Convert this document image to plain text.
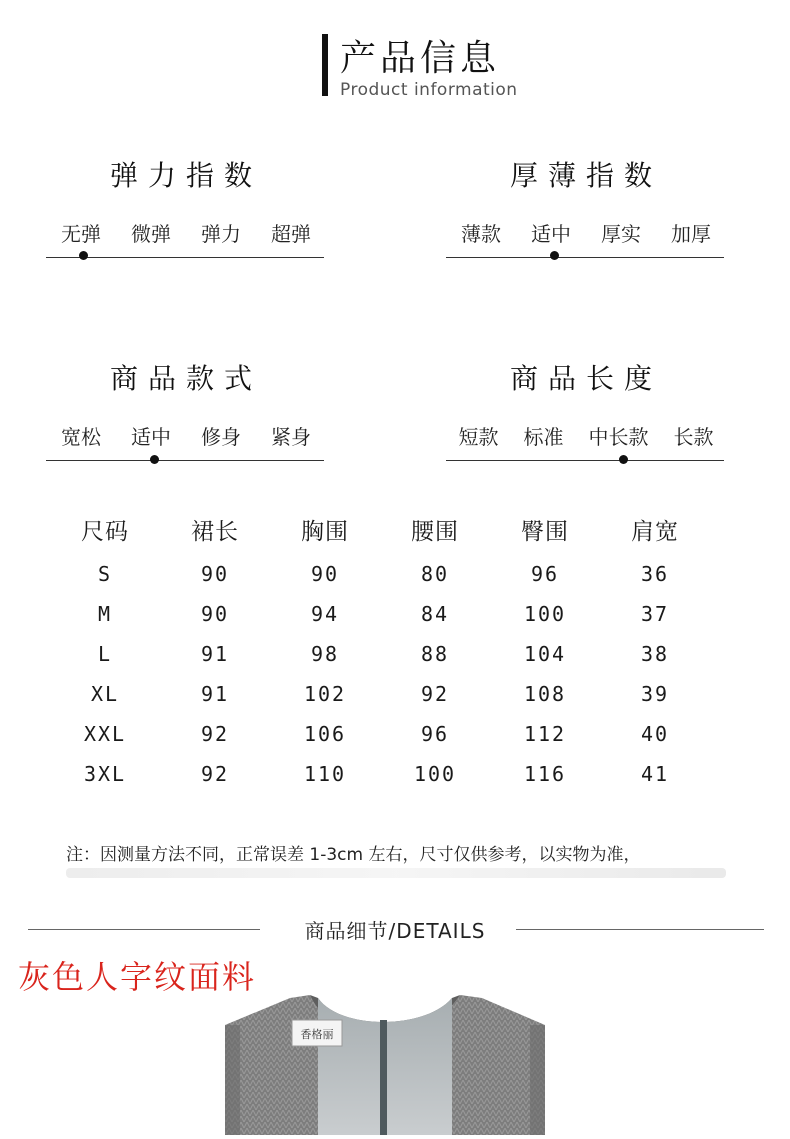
产品信息
Product information
弹力指数
无弹 微弹 弹力 超弹
厚薄指数
薄款 适中 厚实 加厚
商品款式
宽松 适中 修身 紧身
商品长度
短款 标准 中长款 长款
尺码	裙长	胸围	腰围	臀围	肩宽
S	90	90	80	96	36
M	90	94	84	100	37
L	91	98	88	104	38
XL	91	102	92	108	39
XXL	92	106	96	112	40
3XL	92	110	100	116	41
注：因测量方法不同，正常误差 1-3cm 左右，尺寸仅供参考，以实物为准，
商品细节/DETAILS
灰色人字纹面料
香格丽
